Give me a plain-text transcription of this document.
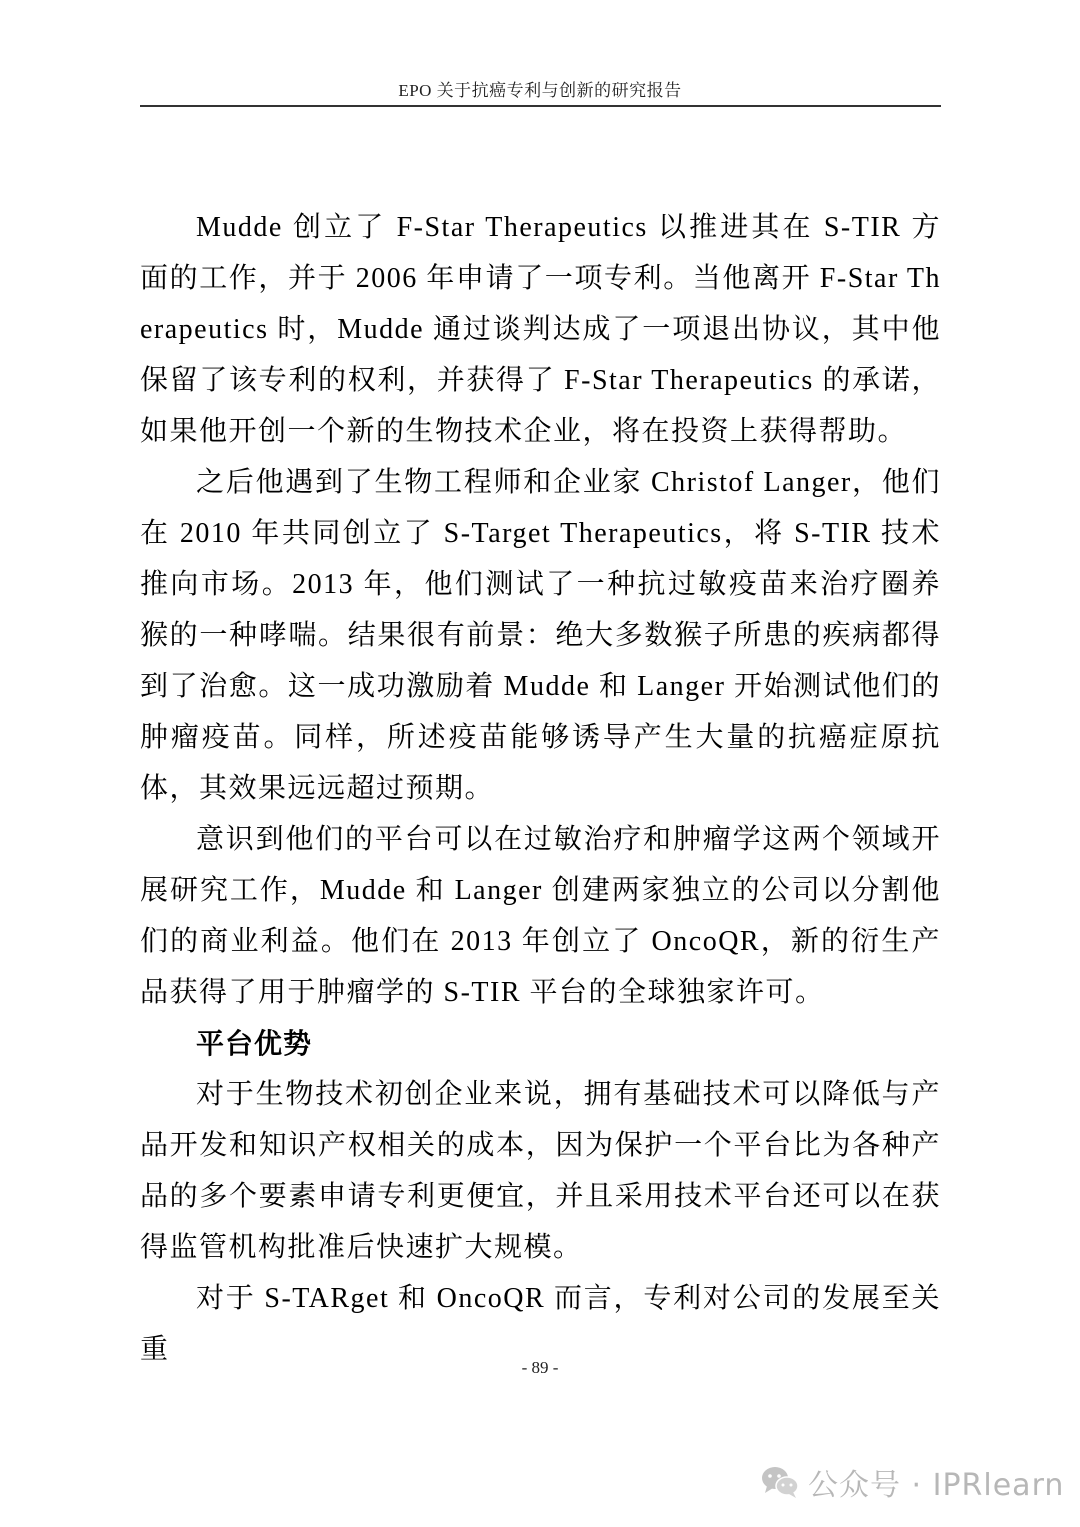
EPO 关于抗癌专利与创新的研究报告

Mudde 创立了 F-Star Therapeutics 以推进其在 S-TIR 方面的工作，并于 2006 年申请了一项专利。当他离开 F-Star Therapeutics 时，Mudde 通过谈判达成了一项退出协议，其中他保留了该专利的权利，并获得了 F-Star Therapeutics 的承诺，如果他开创一个新的生物技术企业，将在投资上获得帮助。

之后他遇到了生物工程师和企业家 Christof Langer，他们在 2010 年共同创立了 S-Target Therapeutics，将 S-TIR 技术推向市场。2013 年，他们测试了一种抗过敏疫苗来治疗圈养猴的一种哮喘。结果很有前景：绝大多数猴子所患的疾病都得到了治愈。这一成功激励着 Mudde 和 Langer 开始测试他们的肿瘤疫苗。同样，所述疫苗能够诱导产生大量的抗癌症原抗体，其效果远远超过预期。

意识到他们的平台可以在过敏治疗和肿瘤学这两个领域开展研究工作，Mudde 和 Langer 创建两家独立的公司以分割他们的商业利益。他们在 2013 年创立了 OncoQR，新的衍生产品获得了用于肿瘤学的 S-TIR 平台的全球独家许可。

平台优势

对于生物技术初创企业来说，拥有基础技术可以降低与产品开发和知识产权相关的成本，因为保护一个平台比为各种产品的多个要素申请专利更便宜，并且采用技术平台还可以在获得监管机构批准后快速扩大规模。

对于 S-TARget 和 OncoQR 而言，专利对公司的发展至关重

- 89 -
公众号 · IPRlearn
